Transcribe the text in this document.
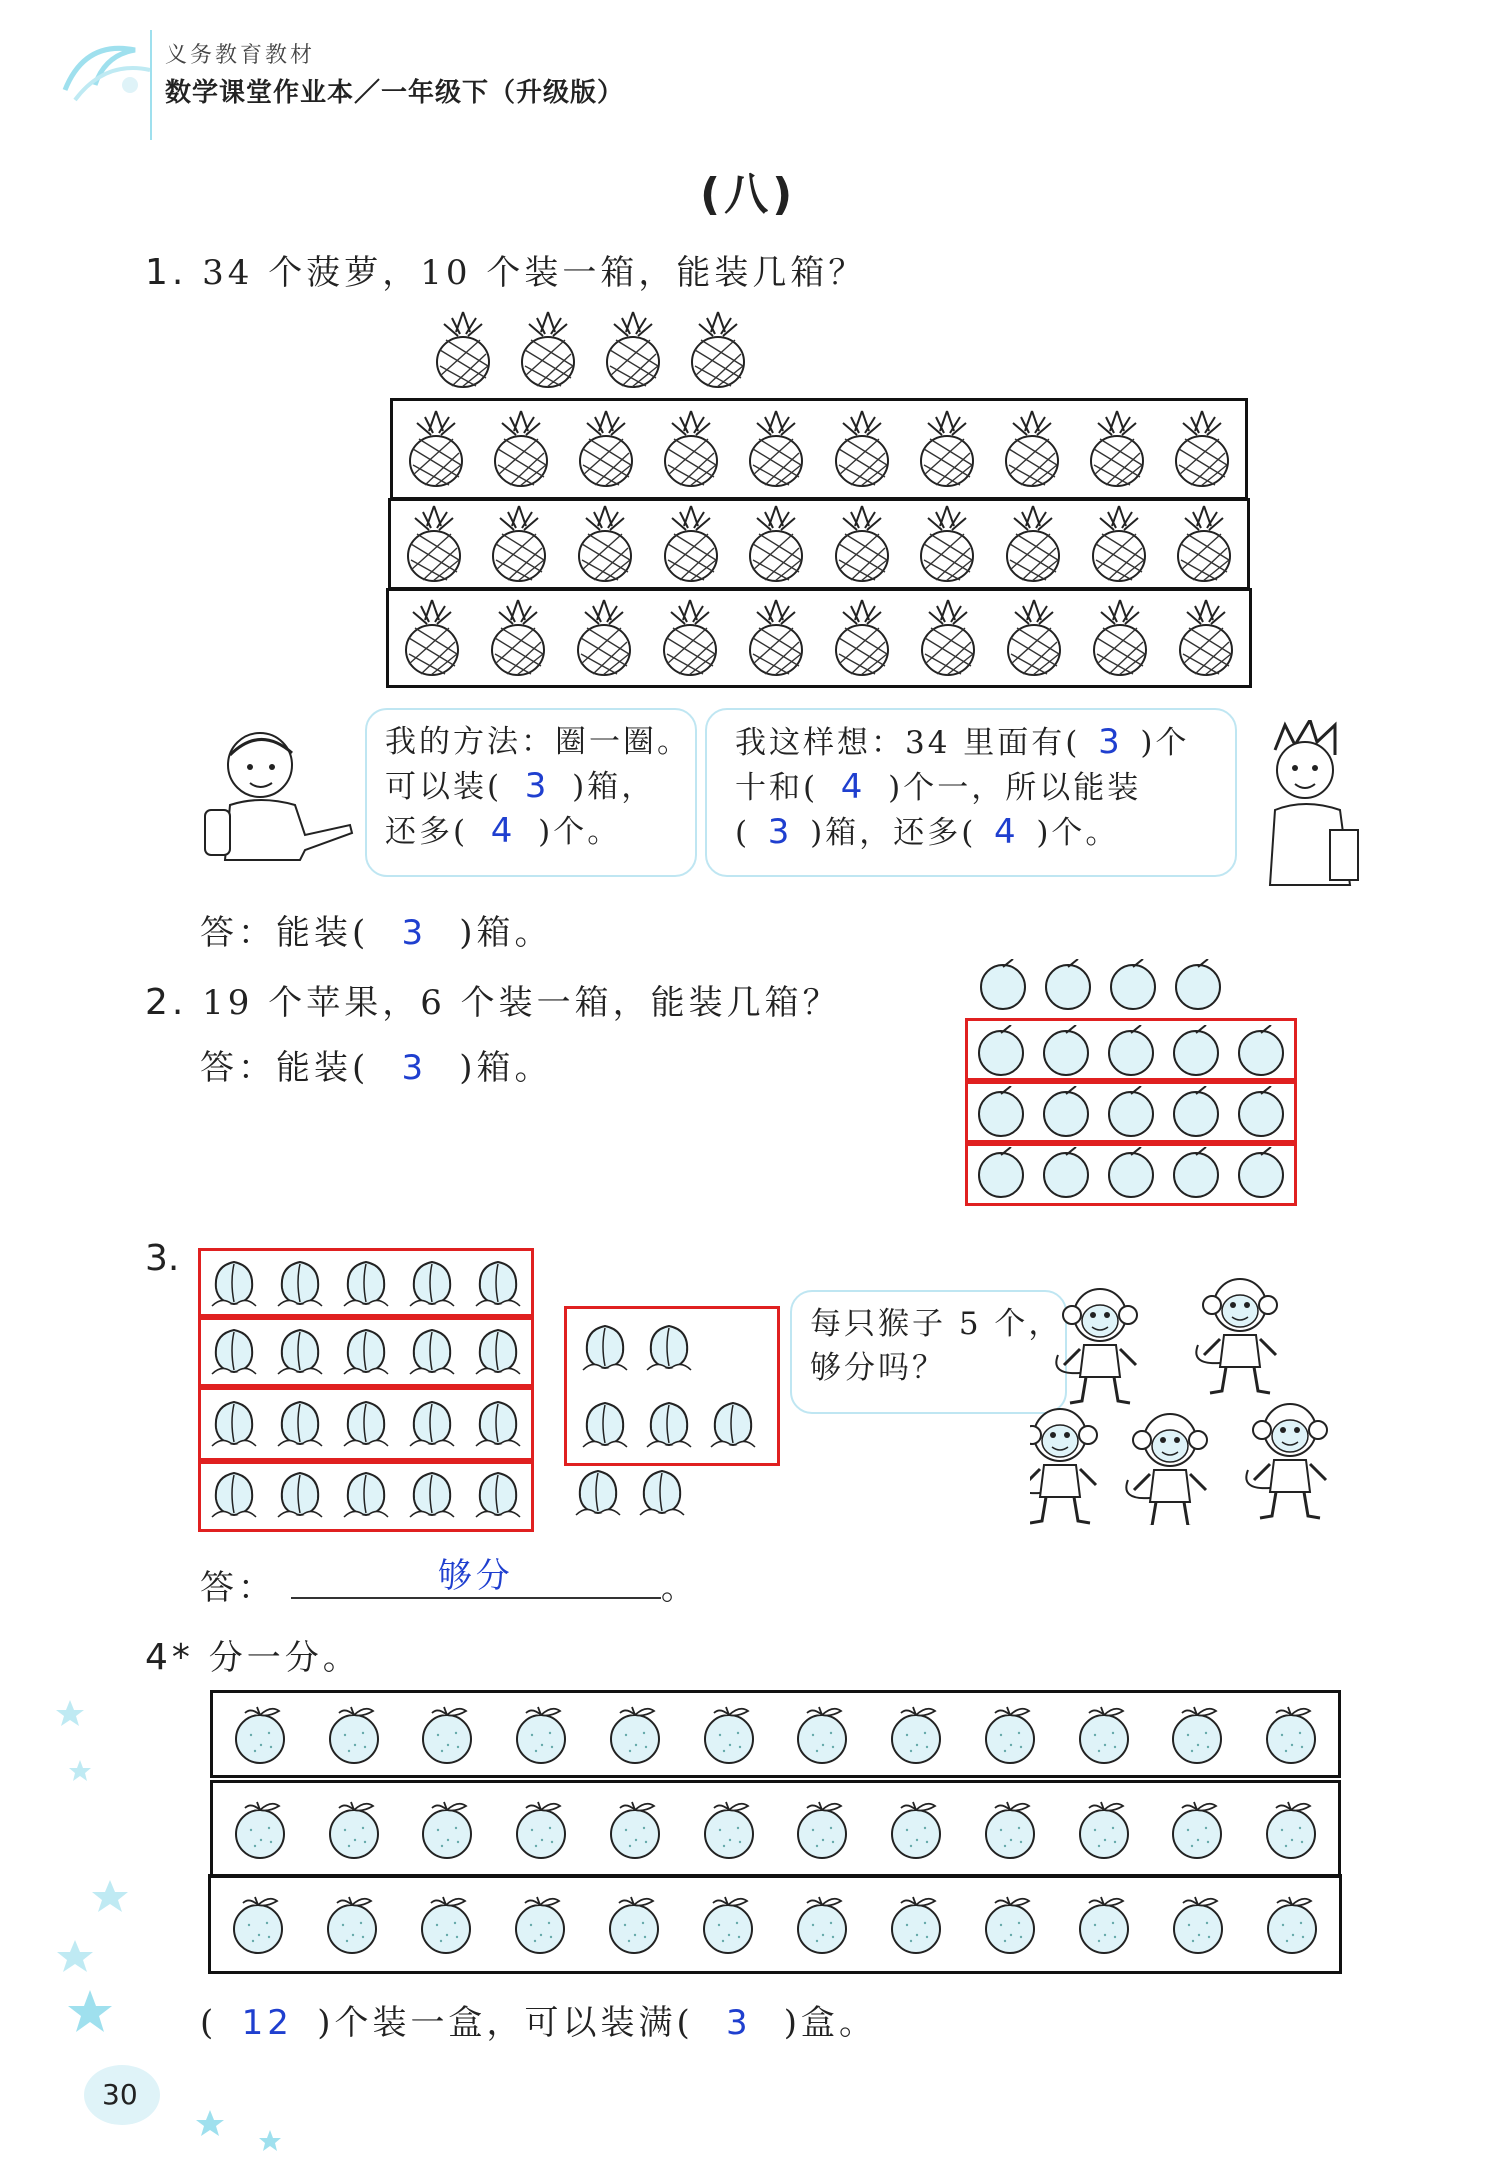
义务教育教材
数学课堂作业本／一年级下（升级版）
(八)
1. 34 个菠萝，10 个装一箱，能装几箱？
我的方法：圈一圈。
可以装( 3 )箱，
还多( 4 )个。
我这样想：34 里面有( 3 )个
十和( 4 )个一，所以能装
( 3 )箱，还多( 4 )个。
答：能装( 3 )箱。
2. 19 个苹果，6 个装一箱，能装几箱？
答：能装( 3 )箱。
3.
每只猴子 5 个，
够分吗？
答：	够分	。
4* 分一分。
( 12 )个装一盒，可以装满( 3 )盒。
30
